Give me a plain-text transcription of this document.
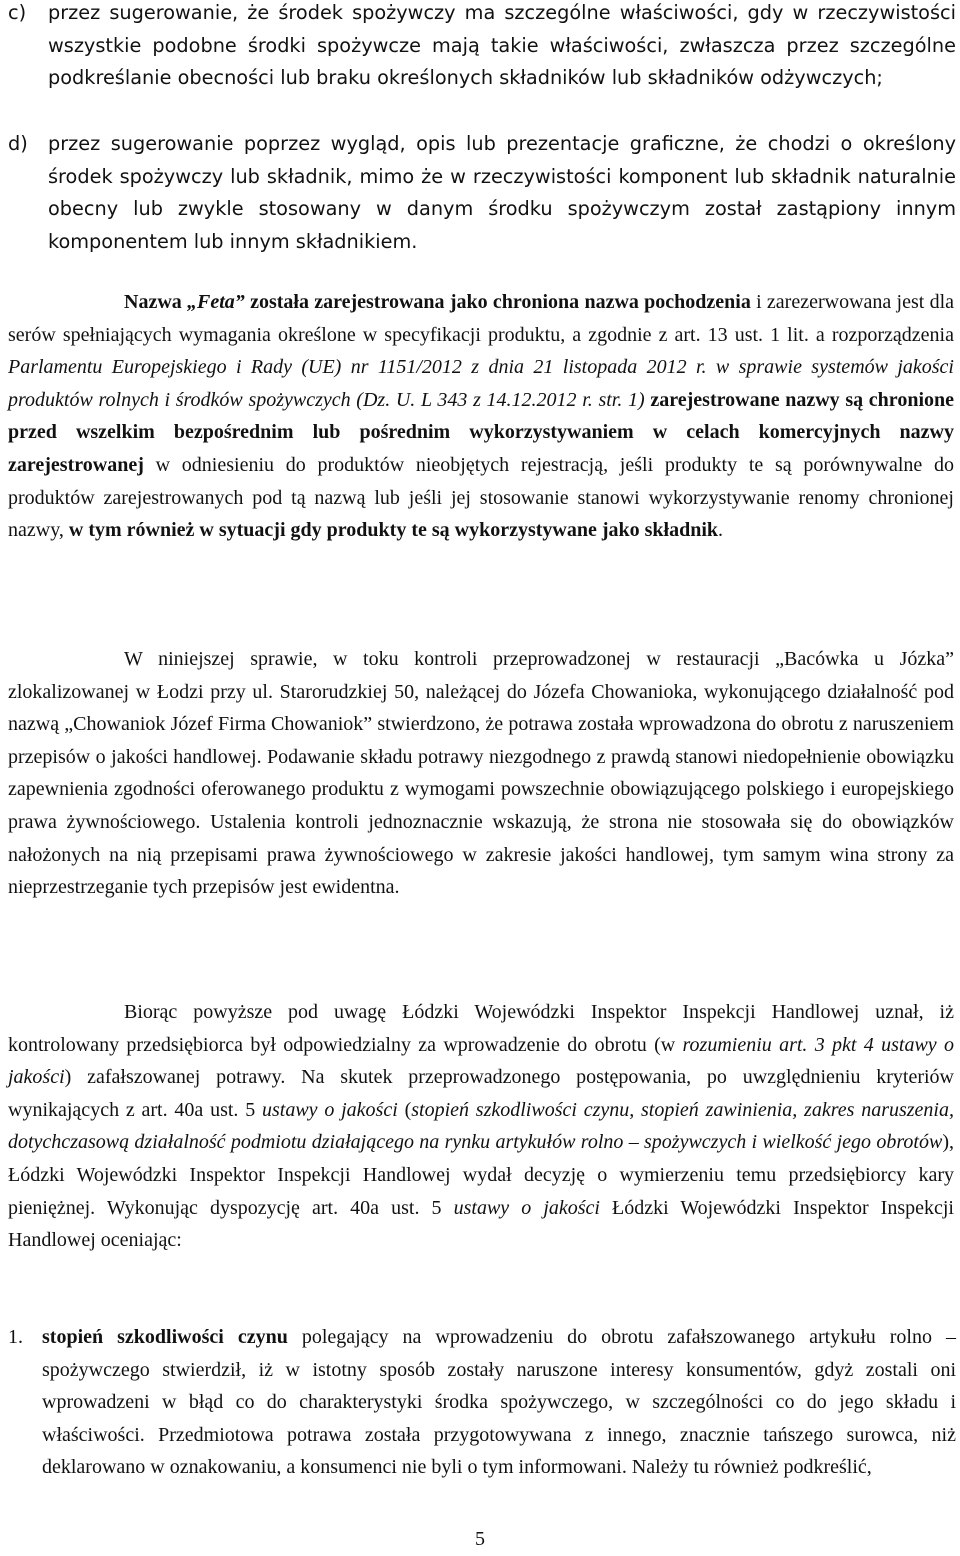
c) przez sugerowanie, że środek spożywczy ma szczególne właściwości, gdy w rzeczywistości wszystkie podobne środki spożywcze mają takie właściwości, zwłaszcza przez szczególne podkreślanie obecności lub braku określonych składników lub składników odżywczych;
d) przez sugerowanie poprzez wygląd, opis lub prezentacje graficzne, że chodzi o określony środek spożywczy lub składnik, mimo że w rzeczywistości komponent lub składnik naturalnie obecny lub zwykle stosowany w danym środku spożywczym został zastąpiony innym komponentem lub innym składnikiem.
Nazwa „Feta” została zarejestrowana jako chroniona nazwa pochodzenia i zarezerwowana jest dla serów spełniających wymagania określone w specyfikacji produktu, a zgodnie z art. 13 ust. 1 lit. a rozporządzenia Parlamentu Europejskiego i Rady (UE) nr 1151/2012 z dnia 21 listopada 2012 r. w sprawie systemów jakości produktów rolnych i środków spożywczych (Dz. U. L 343 z 14.12.2012 r. str. 1) zarejestrowane nazwy są chronione przed wszelkim bezpośrednim lub pośrednim wykorzystywaniem w celach komercyjnych nazwy zarejestrowanej w odniesieniu do produktów nieobjętych rejestracją, jeśli produkty te są porównywalne do produktów zarejestrowanych pod tą nazwą lub jeśli jej stosowanie stanowi wykorzystywanie renomy chronionej nazwy, w tym również w sytuacji gdy produkty te są wykorzystywane jako składnik.
W niniejszej sprawie, w toku kontroli przeprowadzonej w restauracji „Bacówka u Józka” zlokalizowanej w Łodzi przy ul. Starorudzkiej 50, należącej do Józefa Chowanioka, wykonującego działalność pod nazwą „Chowaniok Józef Firma Chowaniok” stwierdzono, że potrawa została wprowadzona do obrotu z naruszeniem przepisów o jakości handlowej. Podawanie składu potrawy niezgodnego z prawdą stanowi niedopełnienie obowiązku zapewnienia zgodności oferowanego produktu z wymogami powszechnie obowiązującego polskiego i europejskiego prawa żywnościowego. Ustalenia kontroli jednoznacznie wskazują, że strona nie stosowała się do obowiązków nałożonych na nią przepisami prawa żywnościowego w zakresie jakości handlowej, tym samym wina strony za nieprzestrzeganie tych przepisów jest ewidentna.
Biorąc powyższe pod uwagę Łódzki Wojewódzki Inspektor Inspekcji Handlowej uznał, iż kontrolowany przedsiębiorca był odpowiedzialny za wprowadzenie do obrotu (w rozumieniu art. 3 pkt 4 ustawy o jakości) zafałszowanej potrawy. Na skutek przeprowadzonego postępowania, po uwzględnieniu kryteriów wynikających z art. 40a ust. 5 ustawy o jakości (stopień szkodliwości czynu, stopień zawinienia, zakres naruszenia, dotychczasową działalność podmiotu działającego na rynku artykułów rolno – spożywczych i wielkość jego obrotów), Łódzki Wojewódzki Inspektor Inspekcji Handlowej wydał decyzję o wymierzeniu temu przedsiębiorcy kary pieniężnej. Wykonując dyspozycję art. 40a ust. 5 ustawy o jakości Łódzki Wojewódzki Inspektor Inspekcji Handlowej oceniając:
1. stopień szkodliwości czynu polegający na wprowadzeniu do obrotu zafałszowanego artykułu rolno – spożywczego stwierdził, iż w istotny sposób zostały naruszone interesy konsumentów, gdyż zostali oni wprowadzeni w błąd co do charakterystyki środka spożywczego, w szczególności co do jego składu i właściwości. Przedmiotowa potrawa została przygotowywana z innego, znacznie tańszego surowca, niż deklarowano w oznakowaniu, a konsumenci nie byli o tym informowani. Należy tu również podkreślić,
5
